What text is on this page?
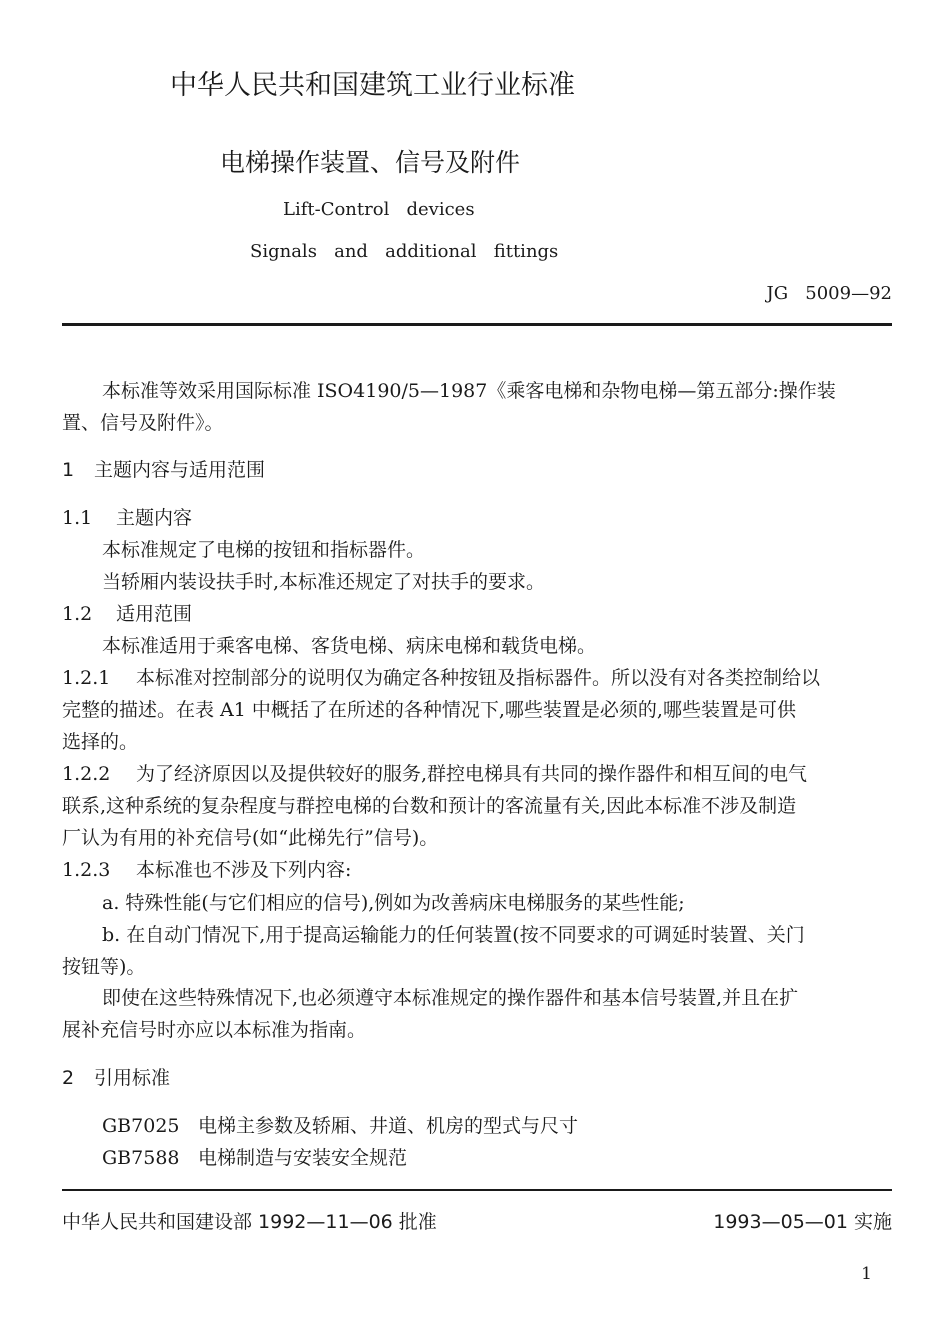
中华人民共和国建筑工业行业标准
电梯操作装置、信号及附件
Lift-Control   devices
Signals   and   additional   fittings
JG   5009—92
本标准等效采用国际标准 ISO4190/5—1987《乘客电梯和杂物电梯—第五部分:操作装
置、信号及附件》。
1 主题内容与适用范围
1.1 主题内容
本标准规定了电梯的按钮和指标器件。
当轿厢内装设扶手时,本标准还规定了对扶手的要求。
1.2 适用范围
本标准适用于乘客电梯、客货电梯、病床电梯和载货电梯。
1.2.1 本标准对控制部分的说明仅为确定各种按钮及指标器件。所以没有对各类控制给以
完整的描述。在表 A1 中概括了在所述的各种情况下,哪些装置是必须的,哪些装置是可供
选择的。
1.2.2 为了经济原因以及提供较好的服务,群控电梯具有共同的操作器件和相互间的电气
联系,这种系统的复杂程度与群控电梯的台数和预计的客流量有关,因此本标准不涉及制造
厂认为有用的补充信号(如“此梯先行”信号)。
1.2.3 本标准也不涉及下列内容:
a. 特殊性能(与它们相应的信号),例如为改善病床电梯服务的某些性能;
b. 在自动门情况下,用于提高运输能力的任何装置(按不同要求的可调延时装置、关门
按钮等)。
即使在这些特殊情况下,也必须遵守本标准规定的操作器件和基本信号装置,并且在扩
展补充信号时亦应以本标准为指南。
2 引用标准
GB7025 电梯主参数及轿厢、井道、机房的型式与尺寸
GB7588 电梯制造与安装安全规范
中华人民共和国建设部 1992—11—06 批准	1993—05—01 实施
1
